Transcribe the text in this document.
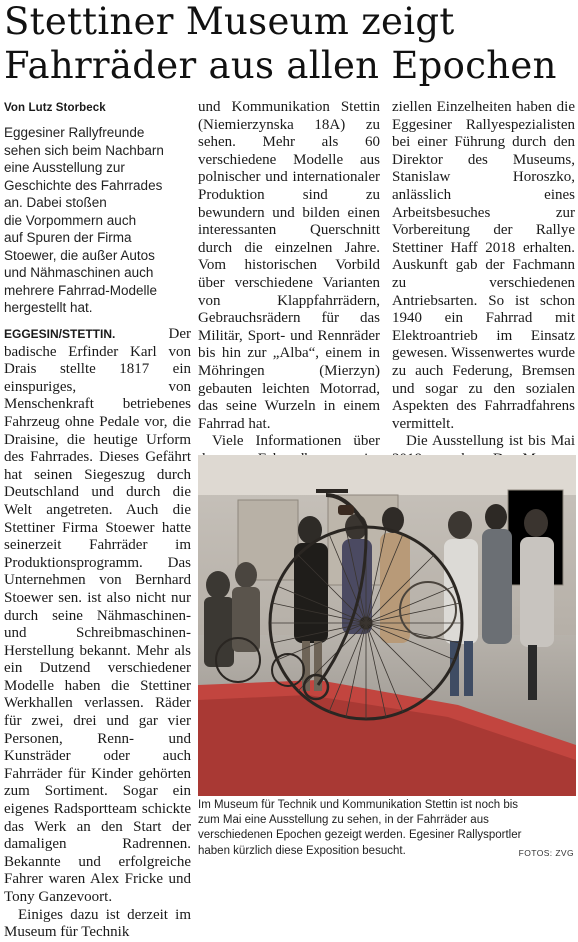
Stettiner Museum zeigt
Fahrräder aus allen Epochen
Von Lutz Storbeck
Eggesiner Rallyfreunde
sehen sich beim Nachbarn
eine Ausstellung zur
Geschichte des Fahrrades
an. Dabei stoßen
die Vorpommern auch
auf Spuren der Firma
Stoewer, die außer Autos
und Nähmaschinen auch
mehrere Fahrrad-Modelle
hergestellt hat.

EGGESIN/STETTIN.	Der badische Erfinder Karl von Drais stellte 1817 ein einspuriges, von Menschenkraft betriebenes Fahrzeug ohne Pedale vor, die Draisine, die heutige Urform des Fahrrades. Dieses Gefährt hat seinen Siegeszug durch Deutschland und durch die Welt angetreten. Auch die Stettiner Firma Stoewer hatte seinerzeit Fahrräder im Produktionsprogramm. Das Unternehmen von Bernhard Stoewer sen. ist also nicht nur durch seine Nähmaschinen- und Schreibmaschinen-Herstellung bekannt. Mehr als ein Dutzend verschiedener Modelle haben die Stettiner Werkhallen verlassen. Räder für zwei, drei und gar vier Personen, Renn- und Kunsträder oder auch Fahrräder für Kinder gehörten zum Sortiment. Sogar ein eigenes Radsportteam schickte das Werk an den Start der damaligen Radrennen. Bekannte und erfolgreiche Fahrer waren Alex Fricke und Tony Ganzevoort.

Einiges dazu ist derzeit im Museum für Technik

und Kommunikation Stettin (Niemierzynska 18A) zu sehen. Mehr als 60 verschiedene Modelle aus polnischer und internationaler Produktion sind zu bewundern und bilden einen interessanten Querschnitt durch die einzelnen Jahre. Vom historischen Vorbild über verschiedene Varianten von Klappfahrrädern, Gebrauchsrädern für das Militär, Sport- und Rennräder bis hin zur „Alba“, einem in Möhringen (Mierzyn) gebauten leichten Motorrad, das seine Wurzeln in einem Fahrrad hat.

Viele Informationen über

ziellen Einzelheiten haben die Eggesiner Rallyespezialisten bei einer Führung durch den Direktor des Museums, Stanislaw Horoszko, anlässlich eines Arbeitsbesuches zur Vorbereitung der Rallye Stettiner Haff 2018 erhalten. Auskunft gab der Fachmann zu verschiedenen Antriebsarten. So ist schon 1940 ein Fahrrad mit Elektroantrieb im Einsatz gewesen. Wissenwertes wurde zu auch Federung, Bremsen und sogar zu den sozialen Aspekten des Fahrradfahrens vermittelt.

Die Ausstellung ist bis Mai

Im Museum für Technik und Kommunikation Stettin ist noch bis
zum Mai eine Ausstellung zu sehen, in der Fahrräder aus
verschiedenen Epochen gezeigt werden. Egesiner Rallysportler
haben kürzlich diese Exposition besucht.	FOTOS: ZVG
